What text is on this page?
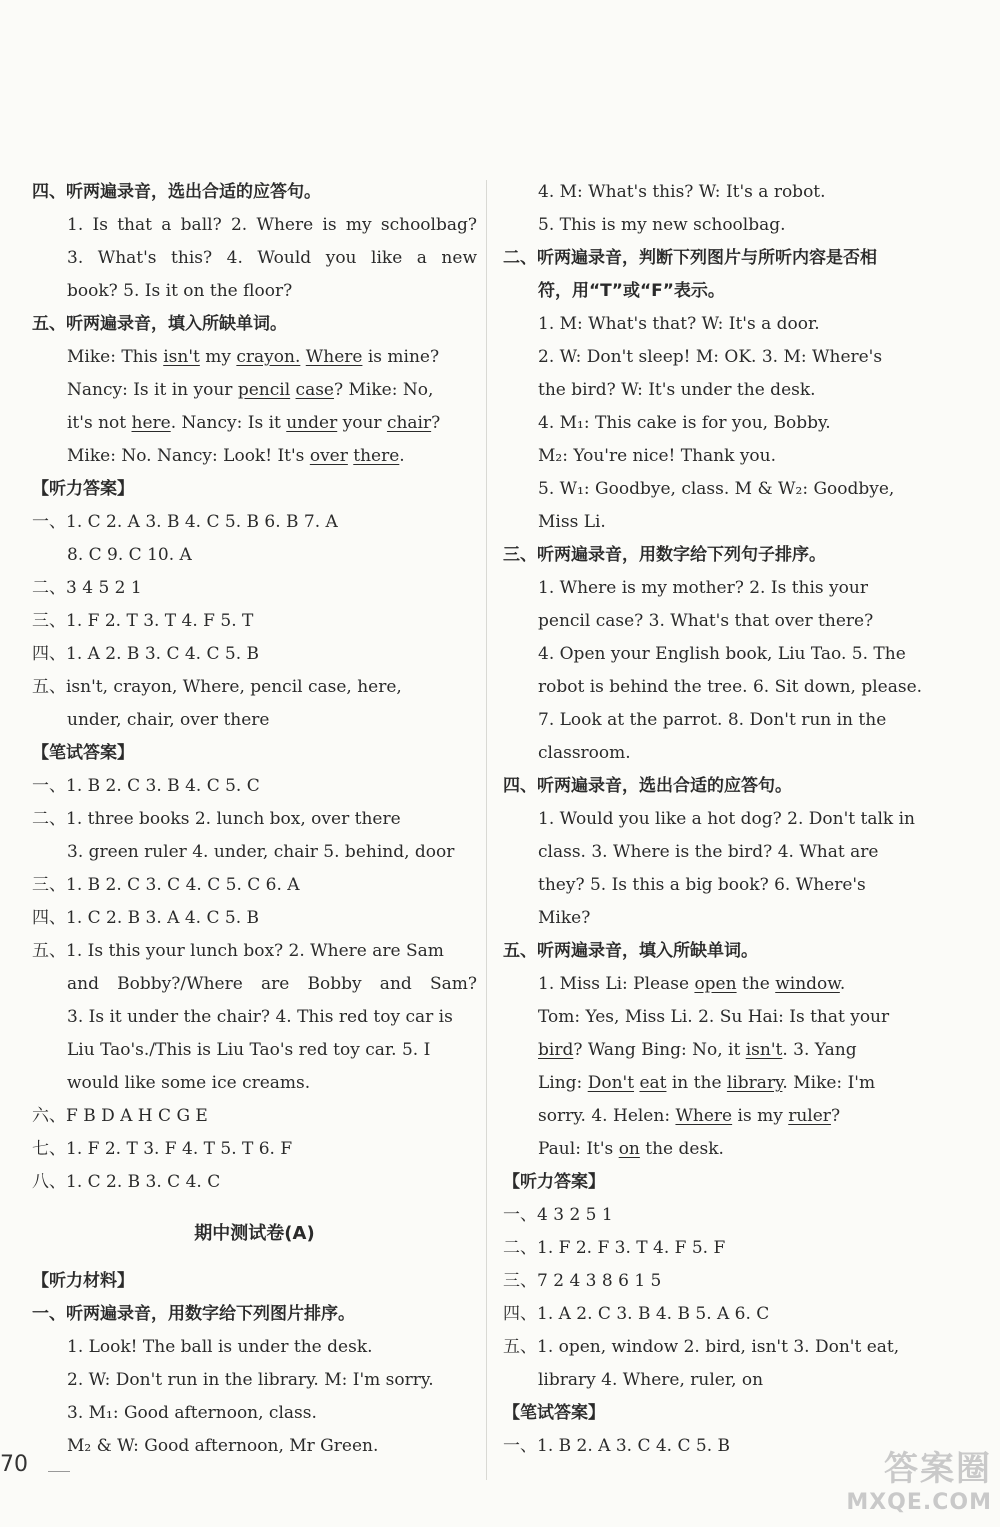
四、听两遍录音，选出合适的应答句。
1. Is that a ball? 2. Where is my schoolbag?
3. What's this? 4. Would you like a new
book? 5. Is it on the floor?
五、听两遍录音，填入所缺单词。
Mike: This isn't my crayon. Where is mine?
Nancy: Is it in your pencil case? Mike: No,
it's not here. Nancy: Is it under your chair?
Mike: No. Nancy: Look! It's over there.
【听力答案】
一、1. C 2. A 3. B 4. C 5. B 6. B 7. A
8. C 9. C 10. A
二、3 4 5 2 1
三、1. F 2. T 3. T 4. F 5. T
四、1. A 2. B 3. C 4. C 5. B
五、isn't, crayon, Where, pencil case, here,
under, chair, over there
【笔试答案】
一、1. B 2. C 3. B 4. C 5. C
二、1. three books 2. lunch box, over there
3. green ruler 4. under, chair 5. behind, door
三、1. B 2. C 3. C 4. C 5. C 6. A
四、1. C 2. B 3. A 4. C 5. B
五、1. Is this your lunch box? 2. Where are Sam
and Bobby?/Where are Bobby and Sam?
3. Is it under the chair? 4. This red toy car is
Liu Tao's./This is Liu Tao's red toy car. 5. I
would like some ice creams.
六、F B D A H C G E
七、1. F 2. T 3. F 4. T 5. T 6. F
八、1. C 2. B 3. C 4. C
期中测试卷(A)
【听力材料】
一、听两遍录音，用数字给下列图片排序。
1. Look! The ball is under the desk.
2. W: Don't run in the library. M: I'm sorry.
3. M₁: Good afternoon, class.
M₂ & W: Good afternoon, Mr Green.
4. M: What's this? W: It's a robot.
5. This is my new schoolbag.
二、听两遍录音，判断下列图片与所听内容是否相
符，用“T”或“F”表示。
1. M: What's that? W: It's a door.
2. W: Don't sleep! M: OK. 3. M: Where's
the bird? W: It's under the desk.
4. M₁: This cake is for you, Bobby.
M₂: You're nice! Thank you.
5. W₁: Goodbye, class. M & W₂: Goodbye,
Miss Li.
三、听两遍录音，用数字给下列句子排序。
1. Where is my mother? 2. Is this your
pencil case? 3. What's that over there?
4. Open your English book, Liu Tao. 5. The
robot is behind the tree. 6. Sit down, please.
7. Look at the parrot. 8. Don't run in the
classroom.
四、听两遍录音，选出合适的应答句。
1. Would you like a hot dog? 2. Don't talk in
class. 3. Where is the bird? 4. What are
they? 5. Is this a big book? 6. Where's
Mike?
五、听两遍录音，填入所缺单词。
1. Miss Li: Please open the window.
Tom: Yes, Miss Li. 2. Su Hai: Is that your
bird? Wang Bing: No, it isn't. 3. Yang
Ling: Don't eat in the library. Mike: I'm
sorry. 4. Helen: Where is my ruler?
Paul: It's on the desk.
【听力答案】
一、4 3 2 5 1
二、1. F 2. F 3. T 4. F 5. F
三、7 2 4 3 8 6 1 5
四、1. A 2. C 3. B 4. B 5. A 6. C
五、1. open, window 2. bird, isn't 3. Don't eat,
library 4. Where, ruler, on
【笔试答案】
一、1. B 2. A 3. C 4. C 5. B
70	答案圈
MXQE.COM
